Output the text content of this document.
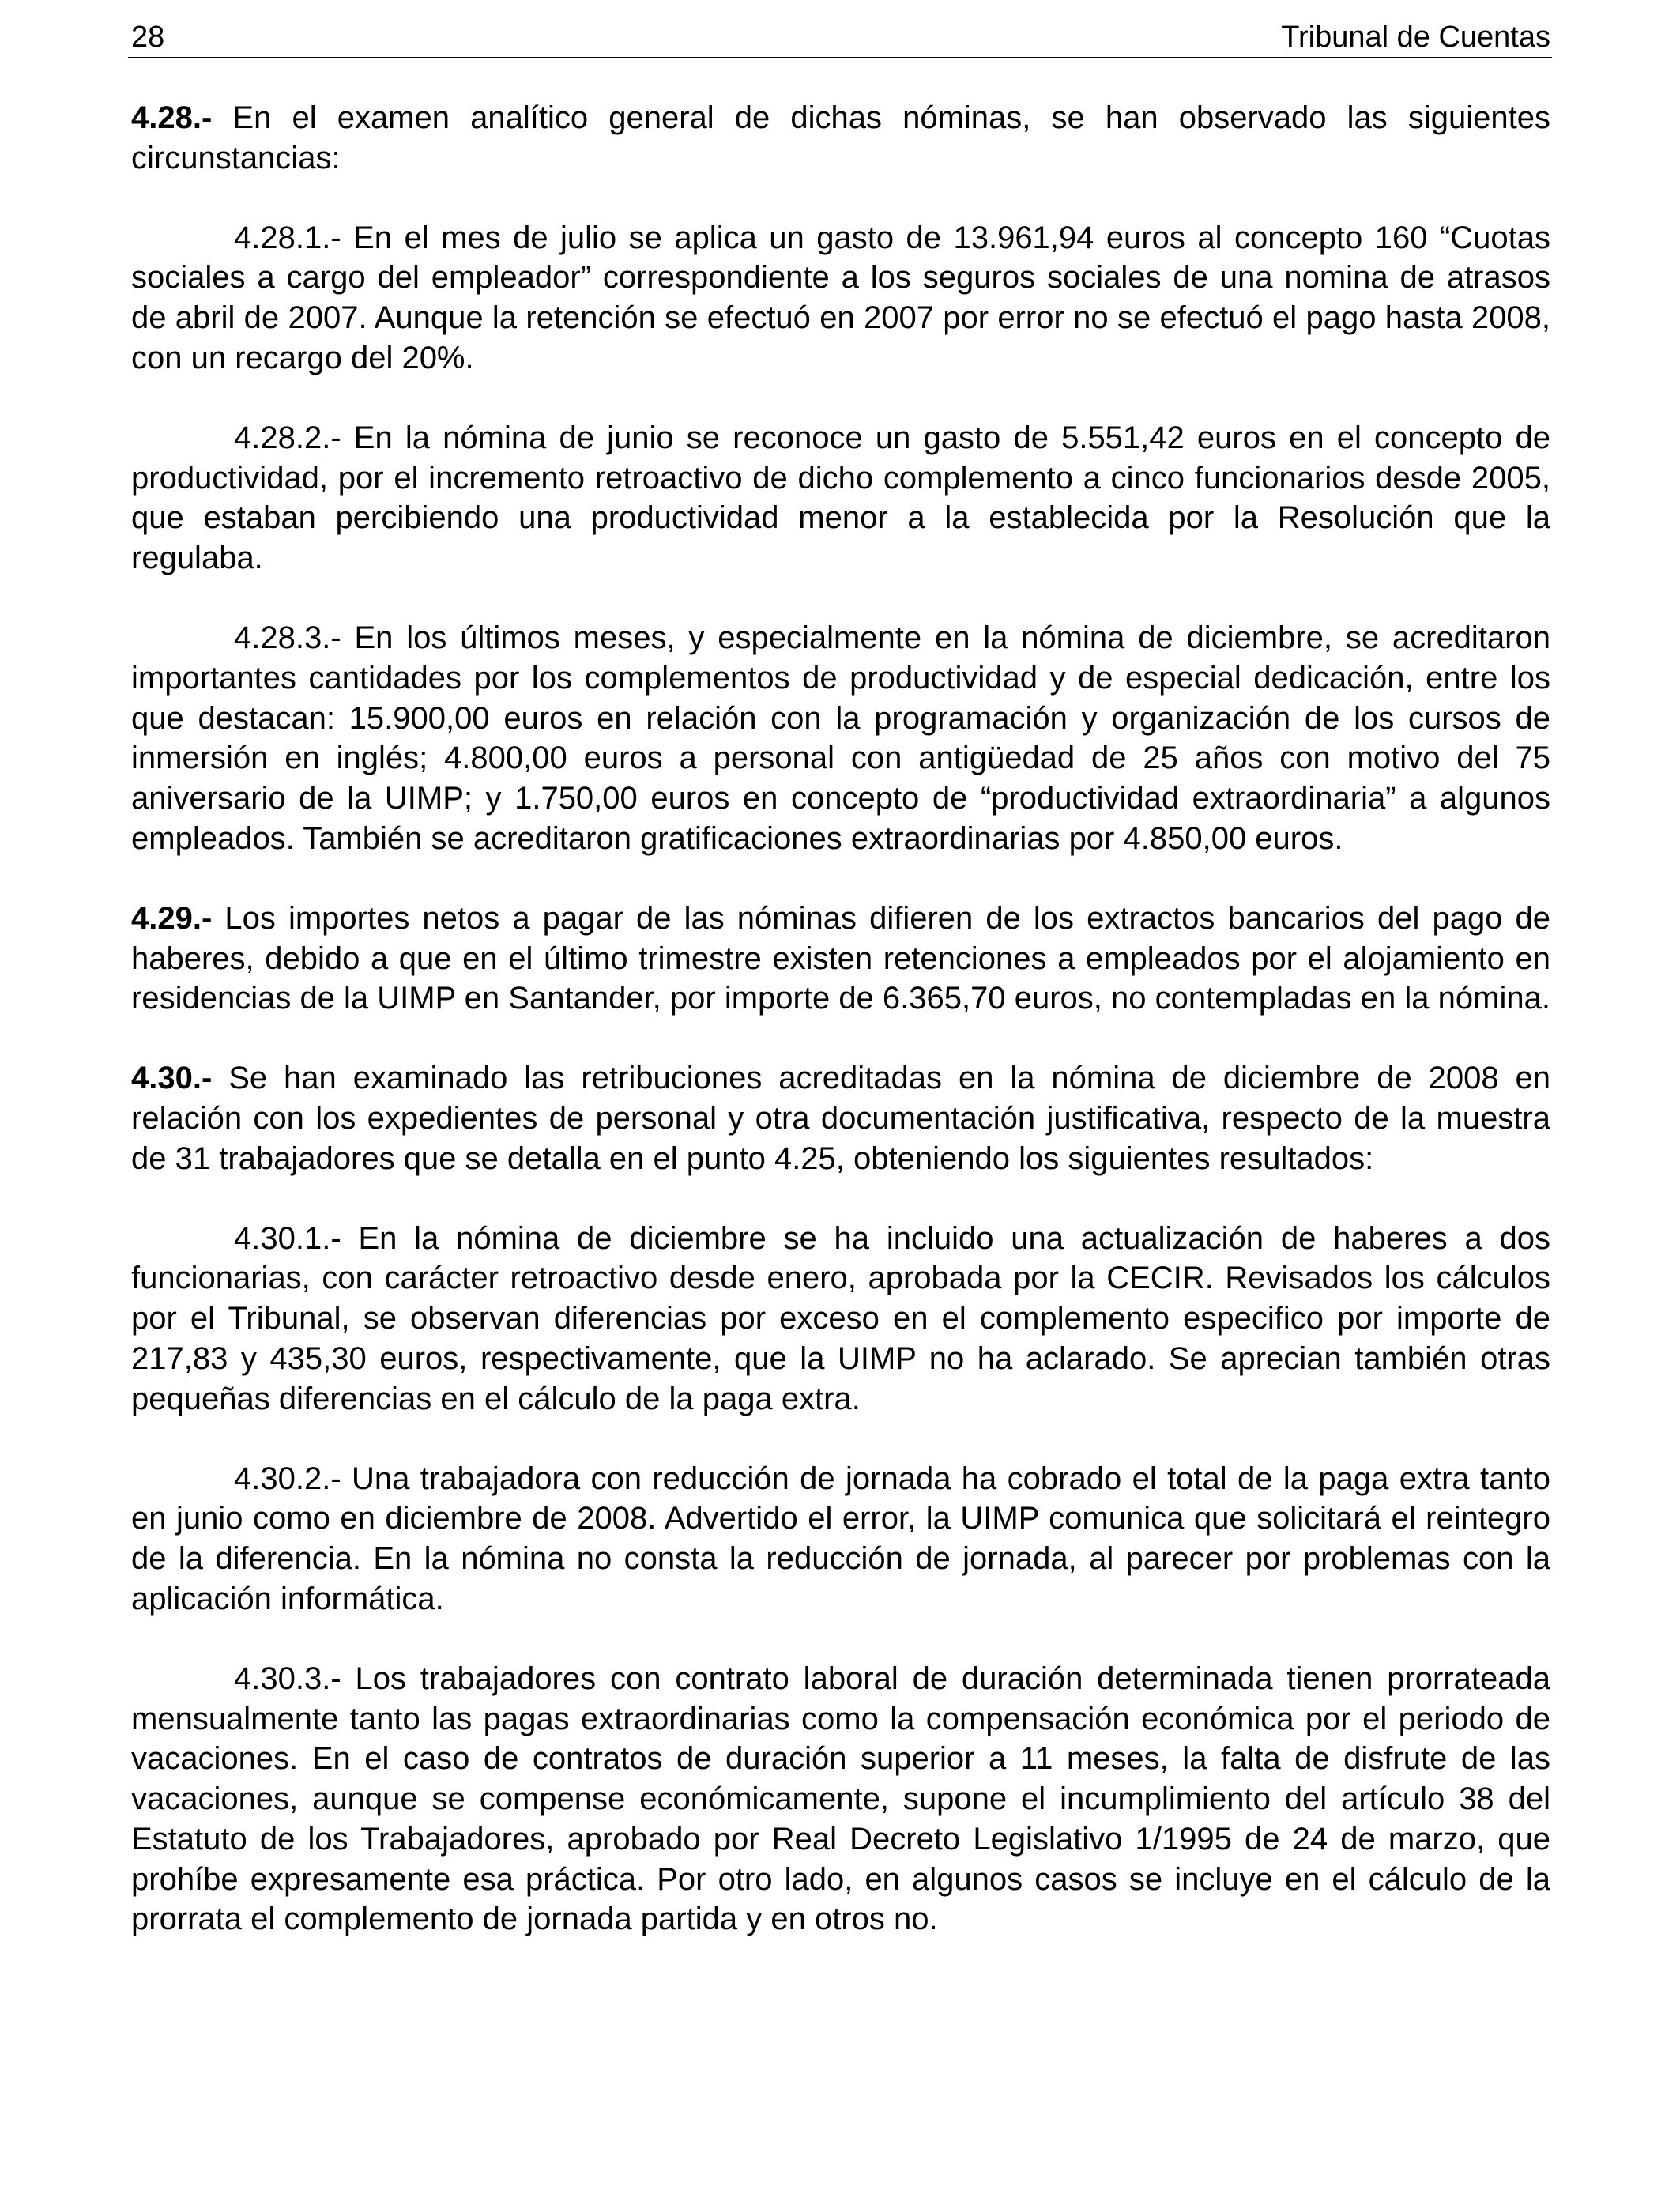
28	Tribunal de Cuentas

4.28.- En el examen analítico general de dichas nóminas, se han observado las siguientes circunstancias:

4.28.1.- En el mes de julio se aplica un gasto de 13.961,94 euros al concepto 160 “Cuotas sociales a cargo del empleador” correspondiente a los seguros sociales de una nomina de atrasos de abril de 2007. Aunque la retención se efectuó en 2007 por error no se efectuó el pago hasta 2008, con un recargo del 20%.

4.28.2.- En la nómina de junio se reconoce un gasto de 5.551,42 euros en el concepto de productividad, por el incremento retroactivo de dicho complemento a cinco funcionarios desde 2005, que estaban percibiendo una productividad menor a la establecida por la Resolución que la regulaba.

4.28.3.- En los últimos meses, y especialmente en la nómina de diciembre, se acreditaron importantes cantidades por los complementos de productividad y de especial dedicación, entre los que destacan: 15.900,00 euros en relación con la programación y organización de los cursos de inmersión en inglés; 4.800,00 euros a personal con antigüedad de 25 años con motivo del 75 aniversario de la UIMP; y 1.750,00 euros en concepto de “productividad extraordinaria” a algunos empleados. También se acreditaron gratificaciones extraordinarias por 4.850,00 euros.

4.29.- Los importes netos a pagar de las nóminas difieren de los extractos bancarios del pago de haberes, debido a que en el último trimestre existen retenciones a empleados por el alojamiento en residencias de la UIMP en Santander, por importe de 6.365,70 euros, no contempladas en la nómina.

4.30.- Se han examinado las retribuciones acreditadas en la nómina de diciembre de 2008 en relación con los expedientes de personal y otra documentación justificativa, respecto de la muestra de 31 trabajadores que se detalla en el punto 4.25, obteniendo los siguientes resultados:

4.30.1.- En la nómina de diciembre se ha incluido una actualización de haberes a dos funcionarias, con carácter retroactivo desde enero, aprobada por la CECIR. Revisados los cálculos por el Tribunal, se observan diferencias por exceso en el complemento especifico por importe de 217,83 y 435,30 euros, respectivamente, que la UIMP no ha aclarado. Se aprecian también otras pequeñas diferencias en el cálculo de la paga extra.

4.30.2.- Una trabajadora con reducción de jornada ha cobrado el total de la paga extra tanto en junio como en diciembre de 2008. Advertido el error, la UIMP comunica que solicitará el reintegro de la diferencia. En la nómina no consta la reducción de jornada, al parecer por problemas con la aplicación informática.

4.30.3.- Los trabajadores con contrato laboral de duración determinada tienen prorrateada mensualmente tanto las pagas extraordinarias como la compensación económica por el periodo de vacaciones. En el caso de contratos de duración superior a 11 meses, la falta de disfrute de las vacaciones, aunque se compense económicamente, supone el incumplimiento del artículo 38 del Estatuto de los Trabajadores, aprobado por Real Decreto Legislativo 1/1995 de 24 de marzo, que prohíbe expresamente esa práctica. Por otro lado, en algunos casos se incluye en el cálculo de la prorrata el complemento de jornada partida y en otros no.
